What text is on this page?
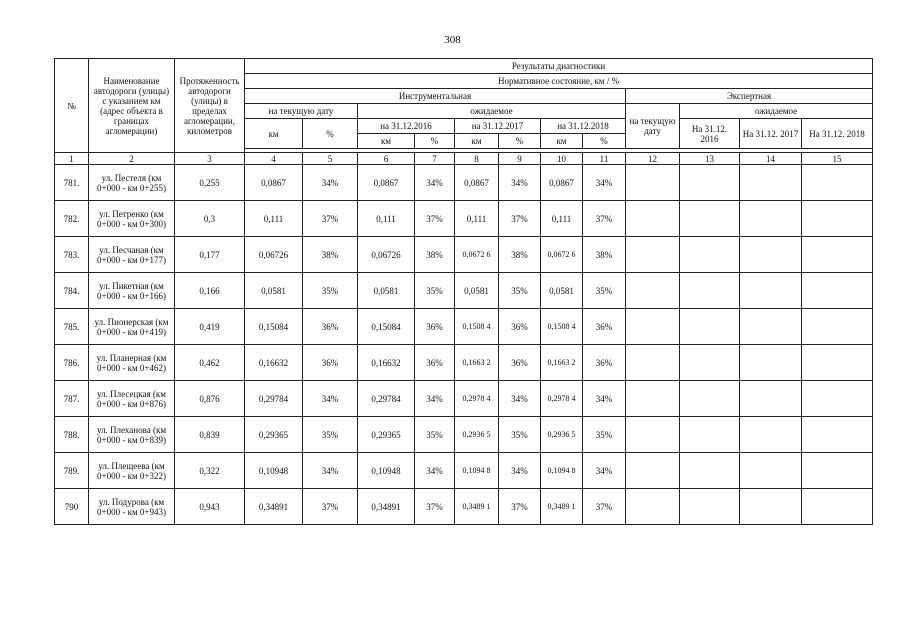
308
№	Наименование автодороги (улицы) с указанием км (адрес объекта в границах агломерации)	Протяженность автодороги (улицы) в пределах агломерации, километров	Результаты диагностики											
			Нормативное состояние, км / %											
			Инструментальная								Экспертная			
			на текущую дату		ожидаемое						на текущую дату	ожидаемое		
			км	%	на 31.12.2016		на 31.12.2017		на 31.12.2018			На 31.12. 2016	На 31.12. 2017	На 31.12. 2018
					км	%	км	%	км	%				

1	2	3	4	5	6	7	8	9	10	11	12	13	14	15
781.	ул. Пестеля (км 0+000 - км 0+255)	0,255	0,0867	34%	0,0867	34%	0,0867	34%	0,0867	34%				
782.	ул. Петренко (км 0+000 - км 0+300)	0,3	0,111	37%	0,111	37%	0,111	37%	0,111	37%				
783.	ул. Песчаная (км 0+000 - км 0+177)	0,177	0,06726	38%	0,06726	38%	0,0672 6	38%	0,0672 6	38%				
784.	ул. Пикетная (км 0+000 - км 0+166)	0,166	0,0581	35%	0,0581	35%	0,0581	35%	0,0581	35%				
785.	ул. Пионерская (км 0+000 - км 0+419)	0,419	0,15084	36%	0,15084	36%	0,1508 4	36%	0,1508 4	36%				
786.	ул. Планерная (км 0+000 - км 0+462)	0,462	0,16632	36%	0,16632	36%	0,1663 2	36%	0,1663 2	36%				
787.	ул. Плесецкая (км 0+000 - км 0+876)	0,876	0,29784	34%	0,29784	34%	0,2978 4	34%	0,2978 4	34%				
788.	ул. Плеханова (км 0+000 - км 0+839)	0,839	0,29365	35%	0,29365	35%	0,2936 5	35%	0,2936 5	35%				
789.	ул. Плещеева (км 0+000 - км 0+322)	0,322	0,10948	34%	0,10948	34%	0,1094 8	34%	0,1094 8	34%				
790	ул. Подурова (км 0+000 - км 0+943)	0,943	0,34891	37%	0,34891	37%	0,3489 1	37%	0,3489 1	37%				
